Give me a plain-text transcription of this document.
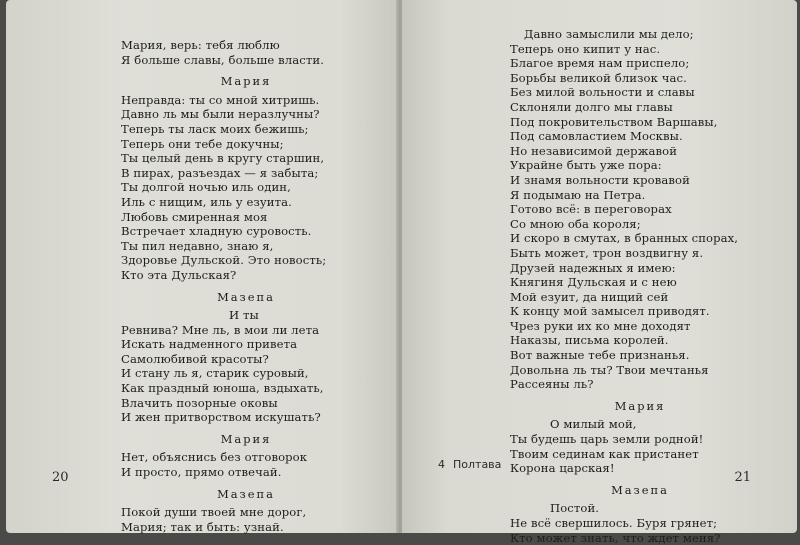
Мария, верь: тебя люблю
Я больше славы, больше власти.
Мария
Неправда: ты со мной хитришь.
Давно ль мы были неразлучны?
Теперь ты ласк моих бежишь;
Теперь они тебе докучны;
Ты целый день в кругу старшин,
В пирах, разъездах — я забыта;
Ты долгой ночью иль один,
Иль с нищим, иль у езуита.
Любовь смиренная моя
Встречает хладную суровость.
Ты пил недавно, знаю я,
Здоровье Дульской. Это новость;
Кто эта Дульская?
Мазепа
И ты
Ревнива? Мне ль, в мои ли лета
Искать надменного привета
Самолюбивой красоты?
И стану ль я, старик суровый,
Как праздный юноша, вздыхать,
Влачить позорные оковы
И жен притворством искушать?
Мария
Нет, объяснись без отговорок
И просто, прямо отвечай.
Мазепа
Покой души твоей мне дорог,
Мария; так и быть: узнай.
20
Давно замыслили мы дело;
Теперь оно кипит у нас.
Благое время нам приспело;
Борьбы великой близок час.
Без милой вольности и славы
Склоняли долго мы главы
Под покровительством Варшавы,
Под самовластием Москвы.
Но независимой державой
Украйне быть уже пора:
И знамя вольности кровавой
Я подымаю на Петра.
Готово всё: в переговорах
Со мною оба короля;
И скоро в смутах, в бранных спорах,
Быть может, трон воздвигну я.
Друзей надежных я имею:
Княгиня Дульская и с нею
Мой езуит, да нищий сей
К концу мой замысел приводят.
Чрез руки их ко мне доходят
Наказы, письма королей.
Вот важные тебе признанья.
Довольна ль ты? Твои мечтанья
Рассеяны ль?
Мария
О милый мой,
Ты будешь царь земли родной!
Твоим сединам как пристанет
Корона царская!
Мазепа
Постой.
Не всё свершилось. Буря грянет;
Кто может знать, что ждет меня?
4 Полтава
21
